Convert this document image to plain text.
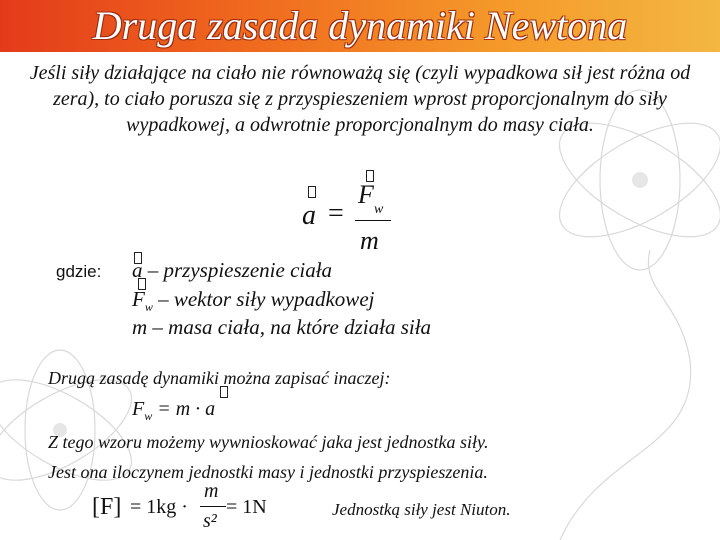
Druga zasada dynamiki Newtona
Jeśli siły działające na ciało nie równoważą się (czyli wypadkowa sił jest różna od zera), to ciało porusza się z przyspieszeniem wprost proporcjonalnym do siły wypadkowej, a odwrotnie proporcjonalnym do masy ciała.
a =
F
w
m
gdzie: a – przyspieszenie ciała
$F_w$ – wektor siły wypadkowej
m – masa ciała, na które działa siła
Drugą zasadę dynamiki można zapisać inaczej:
$F_w = m \cdot a$
Z tego wzoru możemy wywnioskować jaka jest jednostka siły.
Jest ona iloczynem jednostki masy i jednostki przyspieszenia.
[F] = 1kg ·
m
s²
= 1N	Jednostką siły jest Niuton.
